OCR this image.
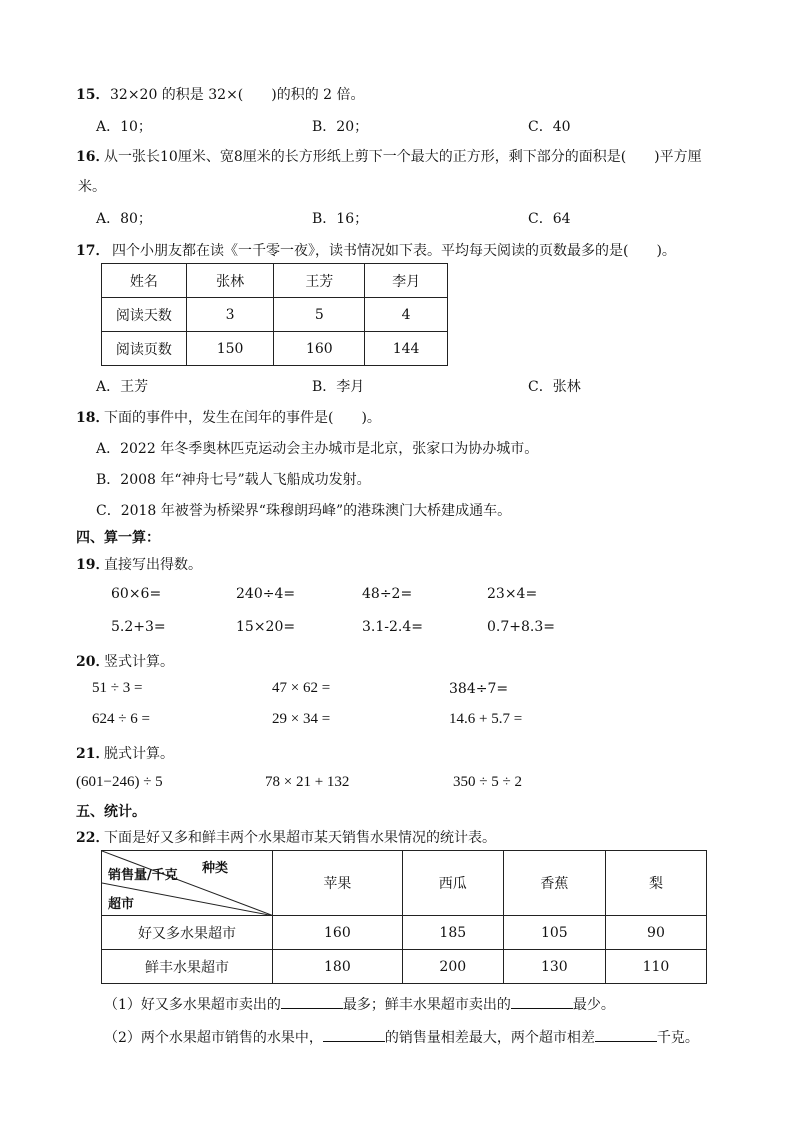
15． 32×20 的积是 32×(　　)的积的 2 倍。
A．10；	B．20；	C．40
16．
从一张长10厘米、宽8厘米的长方形纸上剪下一个最大的正方形，剩下部分的面积是(　　)平方厘
米。
A．80；	B．16；	C．64
17． 四个小朋友都在读《一千零一夜》，读书情况如下表。平均每天阅读的页数最多的是(　　)。
姓名	张林	王芳	李月
阅读天数	3	5	4
阅读页数	150	160	144
A．王芳	B．李月	C．张林
18．
下面的事件中，发生在闰年的事件是(　　)。
A．2022 年冬季奥林匹克运动会主办城市是北京，张家口为协办城市。
B．2008 年“神舟七号”载人飞船成功发射。
C．2018 年被誉为桥梁界“珠穆朗玛峰”的港珠澳门大桥建成通车。
四、算一算：
19．
直接写出得数。
60×6=	240÷4=	48÷2=	23×4=
5.2+3=	15×20=	3.1-2.4=	0.7+8.3=
20．
竖式计算。
51 ÷ 3 =	47 × 62 =	384÷7=
624 ÷ 6 =	29 × 34 =	14.6 + 5.7 =
21．
脱式计算。
(601−246) ÷ 5	78 × 21 + 132	350 ÷ 5 ÷ 2
五、统计。
22．
下面是好又多和鲜丰两个水果超市某天销售水果情况的统计表。
销售量/千克 种类
超市	苹果	西瓜	香蕉	梨
好又多水果超市	160	185	105	90
鲜丰水果超市	180	200	130	110
（1）好又多水果超市卖出的	最多；鲜丰水果超市卖出的	最少。
（2）两个水果超市销售的水果中，	的销售量相差最大，两个超市相差	千克。
